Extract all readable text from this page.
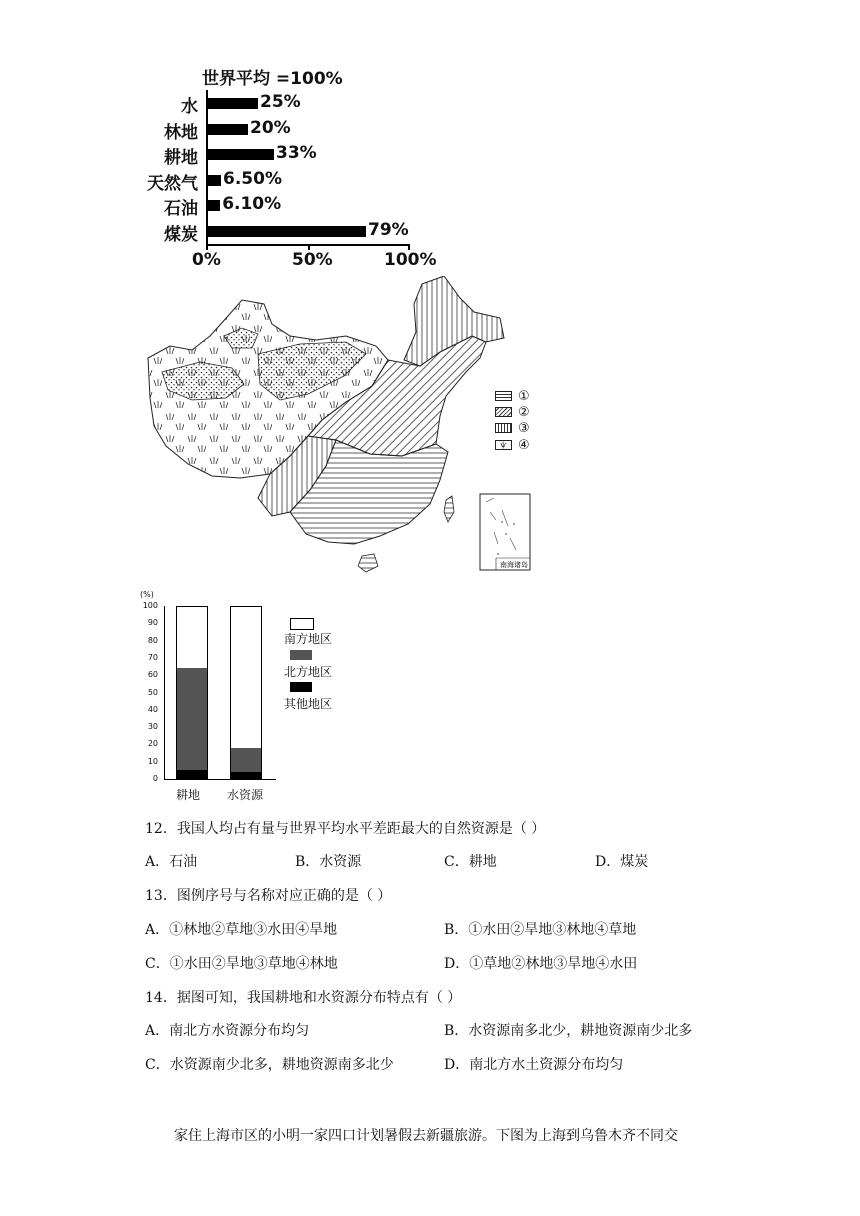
世界平均 =100%
水	25%
林地	20%
耕地	33%
天然气 6.50%
石油 6.10%
煤炭	79%
0%	50%	100%
南海诸岛
①
②
③
ѱ ④
(%)
0
10
20
30
40
50
60
70
80
90
100
耕地 水资源
南方地区
北方地区
其他地区
12．我国人均占有量与世界平均水平差距最大的自然资源是（ ）
A．石油	B．水资源	C．耕地	D．煤炭
13．图例序号与名称对应正确的是（ ）
A．①林地②草地③水田④旱地	B．①水田②旱地③林地④草地
C．①水田②旱地③草地④林地	D．①草地②林地③旱地④水田
14．据图可知，我国耕地和水资源分布特点有（ ）
A．南北方水资源分布均匀	B．水资源南多北少，耕地资源南少北多
C．水资源南少北多，耕地资源南多北少	D．南北方水土资源分布均匀
家住上海市区的小明一家四口计划暑假去新疆旅游。下图为上海到乌鲁木齐不同交
